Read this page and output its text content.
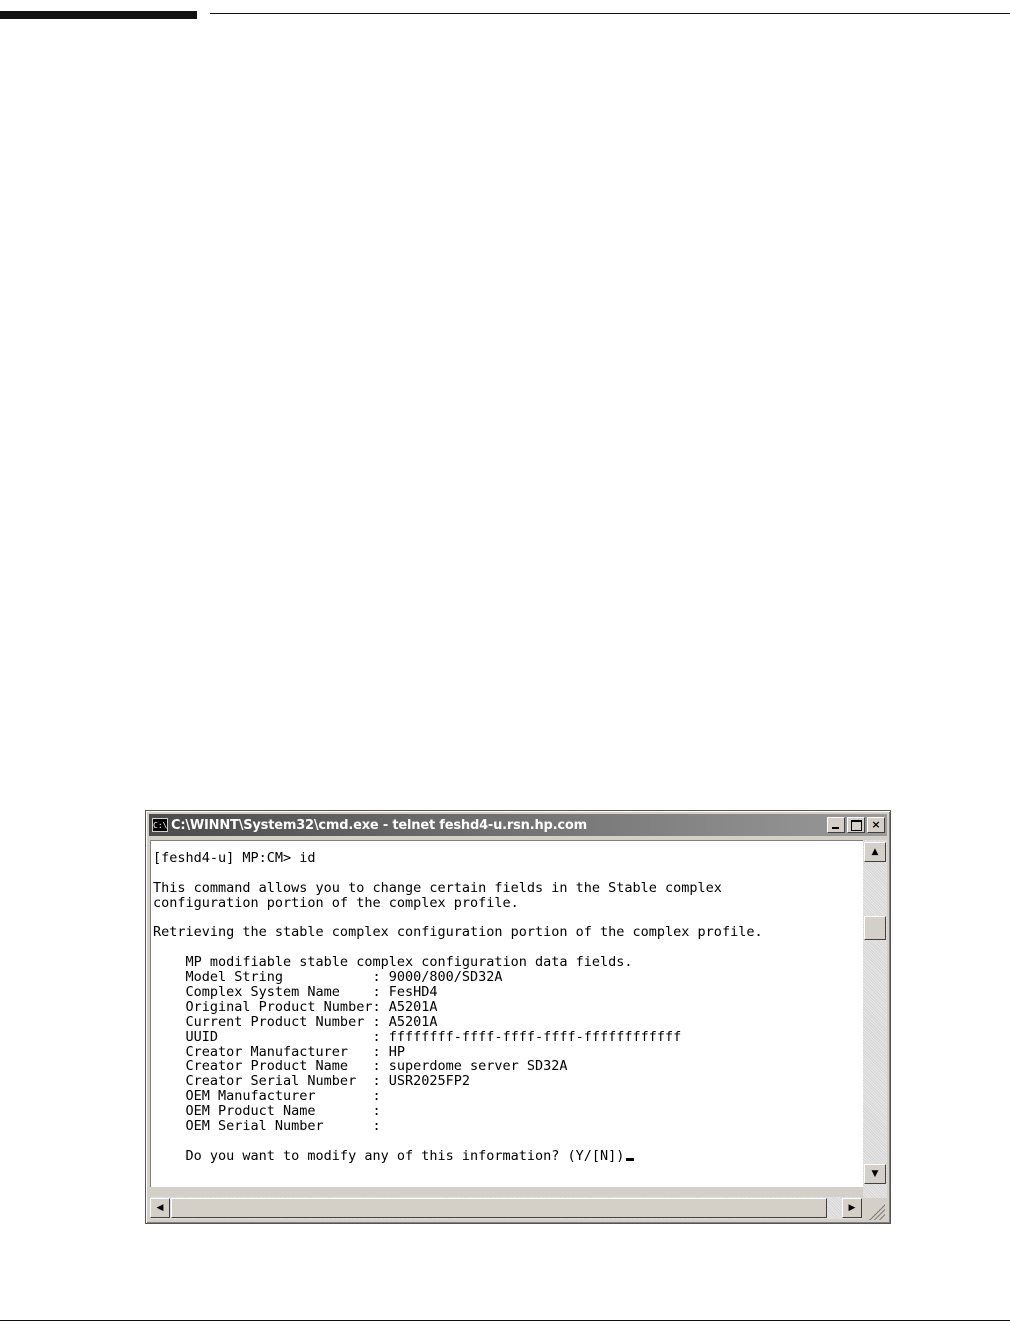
C:\ C:\WINNT\System32\cmd.exe - telnet feshd4-u.rsn.hp.com	×
[feshd4-u] MP:CM> id
This command allows you to change certain fields in the Stable complex
configuration portion of the complex profile.
Retrieving the stable complex configuration portion of the complex profile.
MP modifiable stable complex configuration data fields.
Model String           : 9000/800/SD32A
Complex System Name    : FesHD4
Original Product Number: A5201A
Current Product Number : A5201A
UUID                   : ffffffff-ffff-ffff-ffff-ffffffffffff
Creator Manufacturer   : HP
Creator Product Name   : superdome server SD32A
Creator Serial Number  : USR2025FP2
OEM Manufacturer       :
OEM Product Name       :
OEM Serial Number      :
Do you want to modify any of this information? (Y/[N])
▲
▼
◀	▶
